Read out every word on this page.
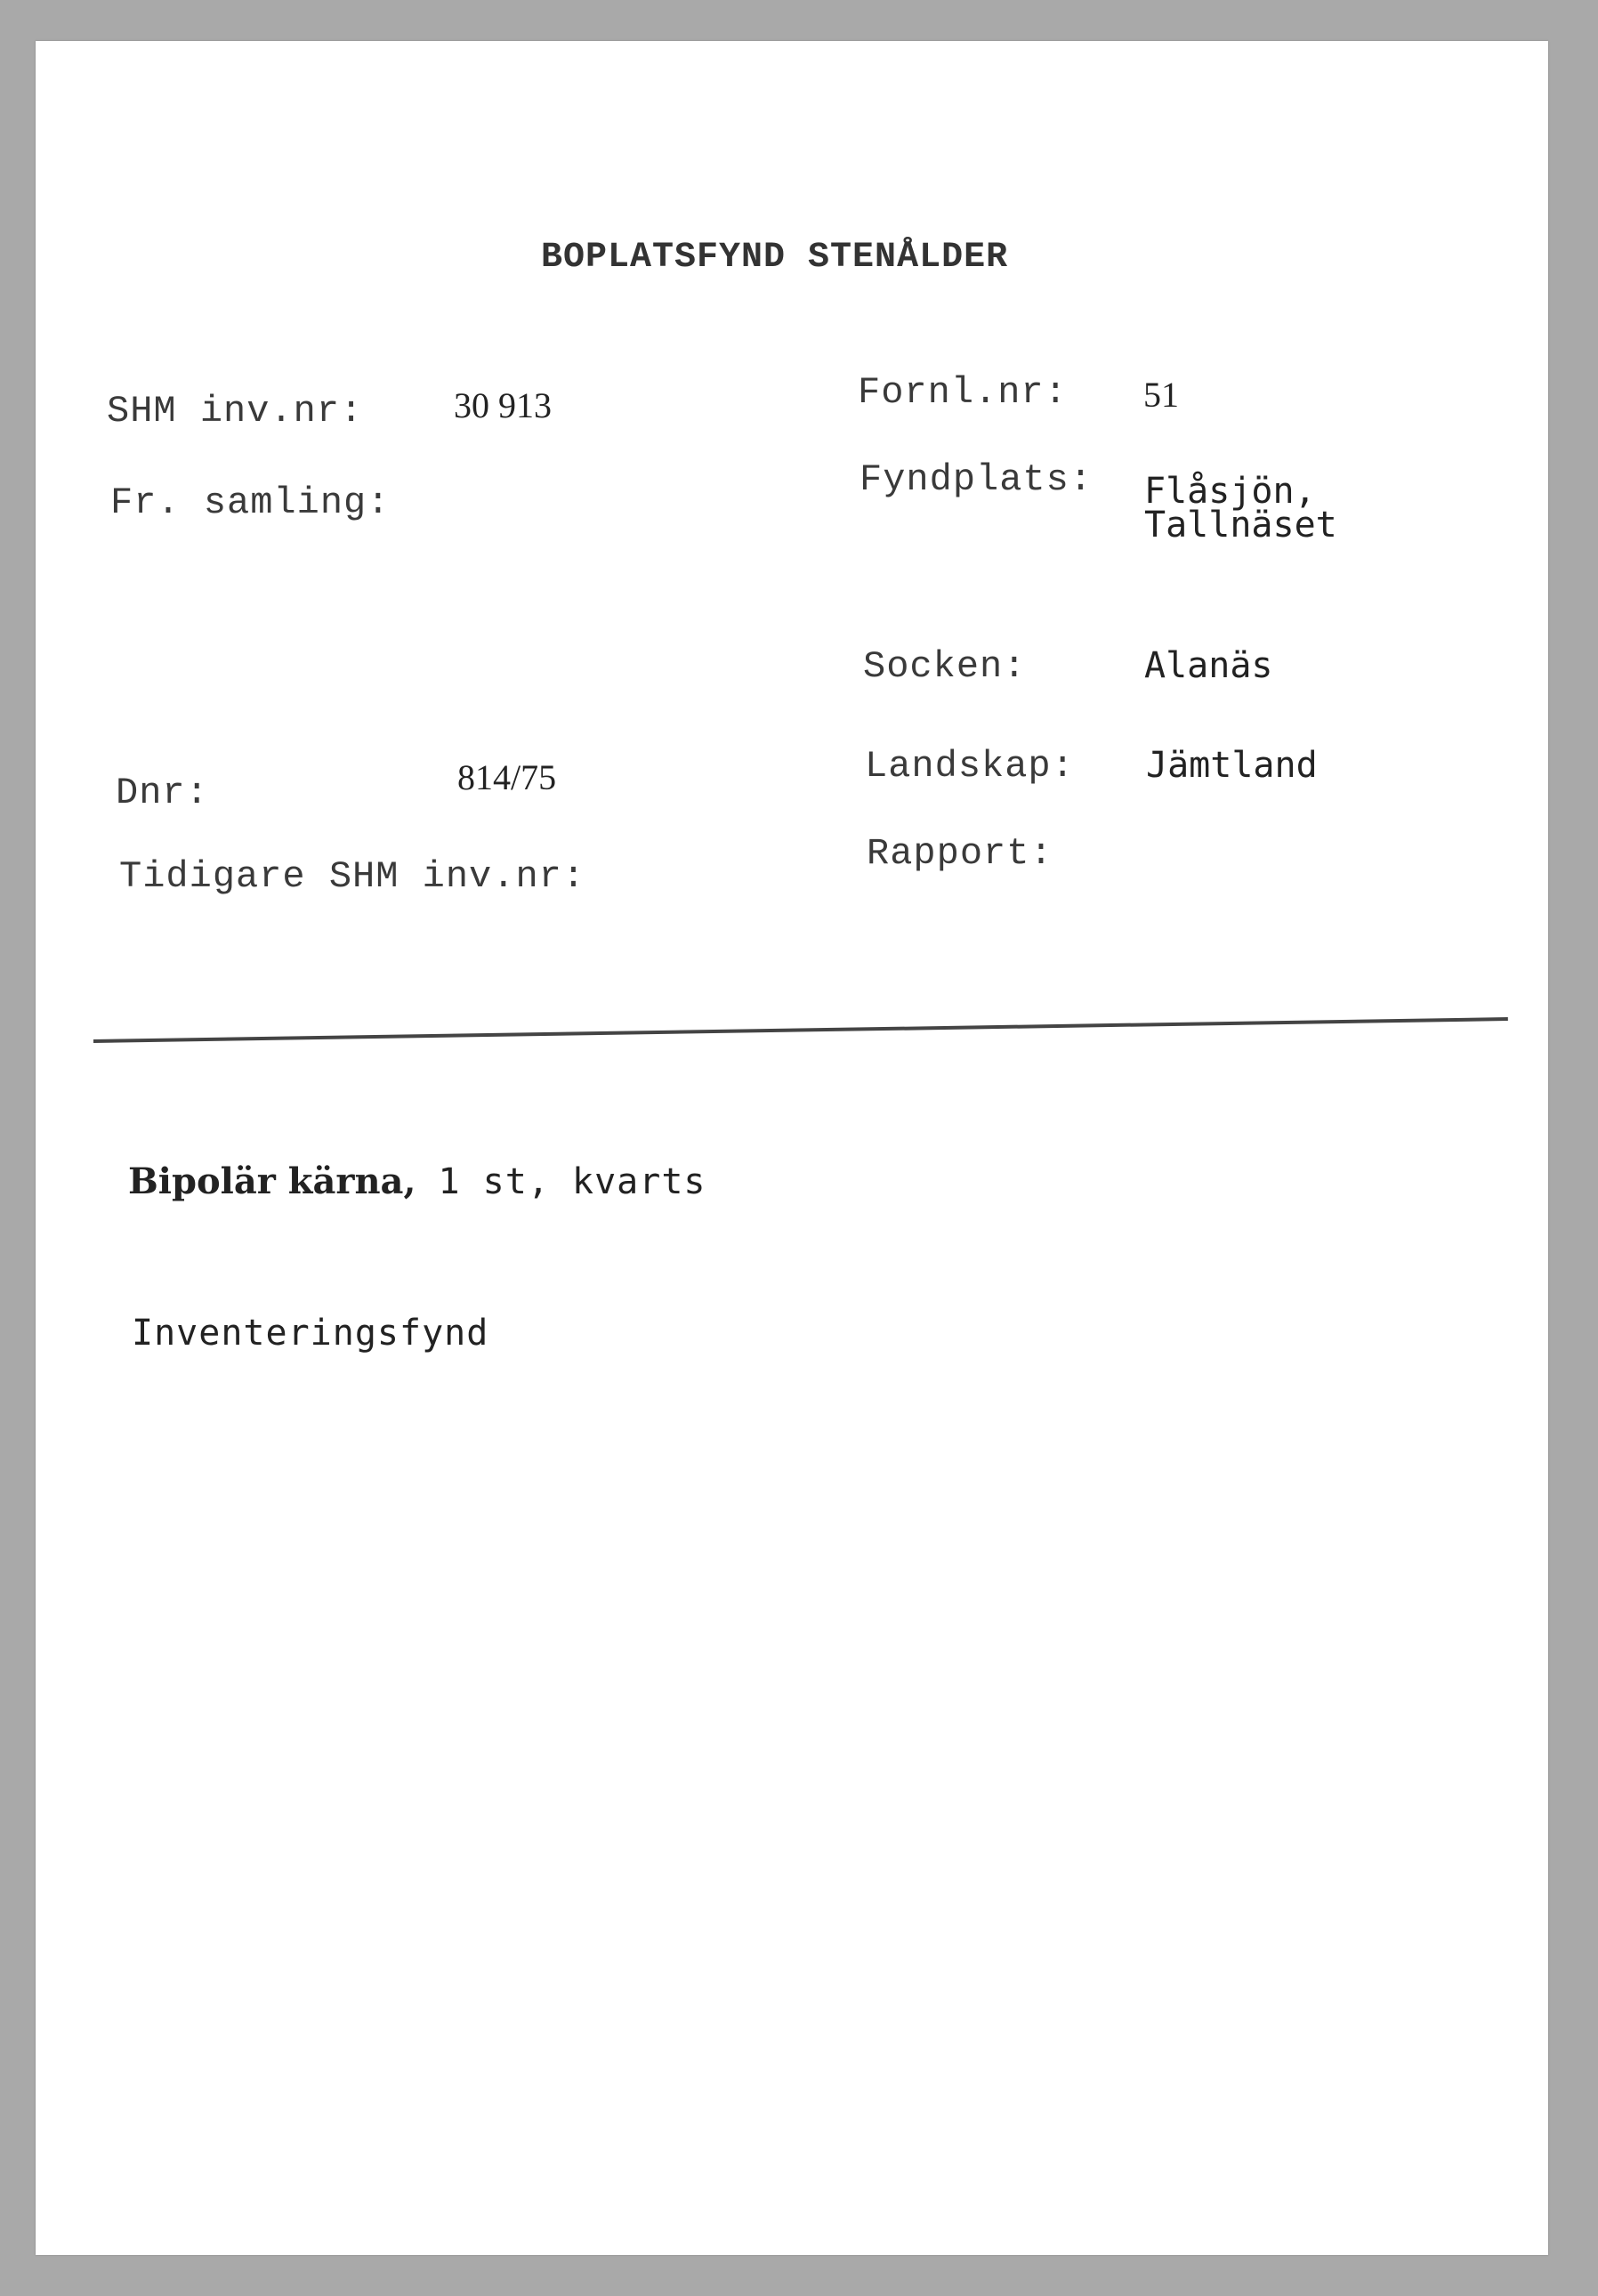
BOPLATSFYND STENÅLDER
SHM inv.nr:	30 913	Fornl.nr: 51
Fr. samling:
Fyndplats: Flåsjön,
Tallnäset
Socken:	Alanäs
Dnr:	814/75	Landskap: Jämtland
Tidigare SHM inv.nr:
Rapport:
Bipolär kärna, 1 st, kvarts
Inventeringsfynd
